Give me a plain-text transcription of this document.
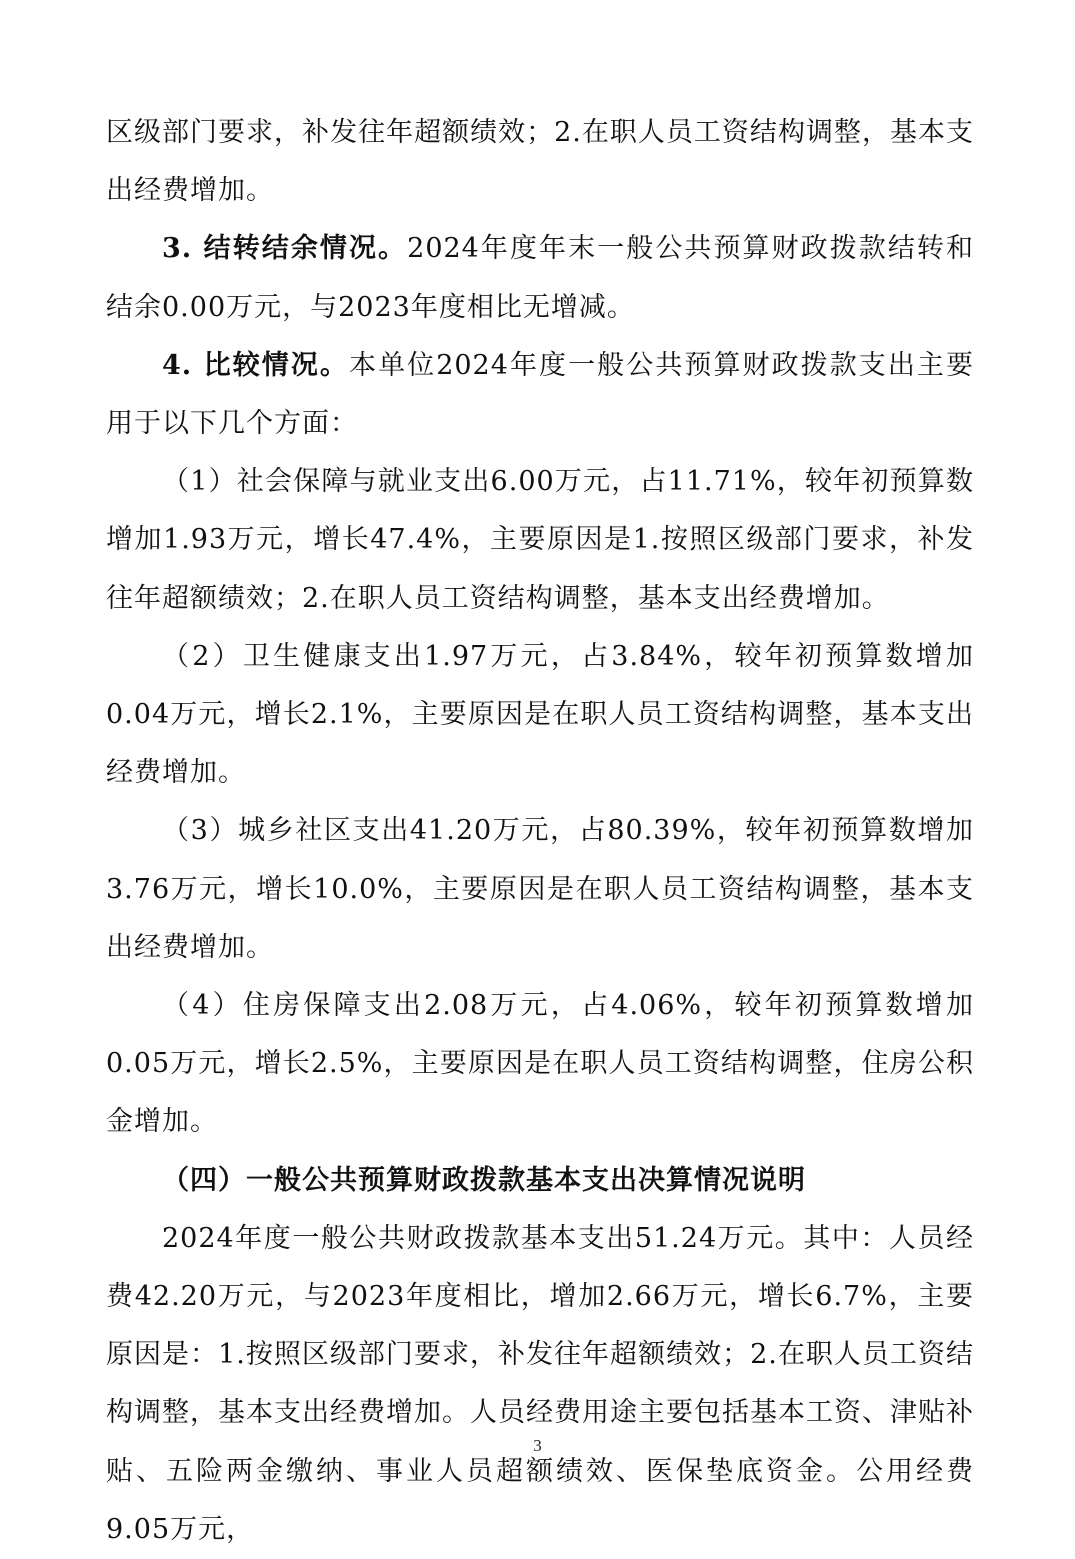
区级部门要求，补发往年超额绩效；2.在职人员工资结构调整，基本支出经费增加。

3. 结转结余情况。2024年度年末一般公共预算财政拨款结转和结余0.00万元，与2023年度相比无增减。

4. 比较情况。本单位2024年度一般公共预算财政拨款支出主要用于以下几个方面：

（1）社会保障与就业支出6.00万元，占11.71%，较年初预算数增加1.93万元，增长47.4%，主要原因是1.按照区级部门要求，补发往年超额绩效；2.在职人员工资结构调整，基本支出经费增加。

（2）卫生健康支出1.97万元，占3.84%，较年初预算数增加0.04万元，增长2.1%，主要原因是在职人员工资结构调整，基本支出经费增加。

（3）城乡社区支出41.20万元，占80.39%，较年初预算数增加3.76万元，增长10.0%，主要原因是在职人员工资结构调整，基本支出经费增加。

（4）住房保障支出2.08万元，占4.06%，较年初预算数增加0.05万元，增长2.5%，主要原因是在职人员工资结构调整，住房公积金增加。

（四）一般公共预算财政拨款基本支出决算情况说明

2024年度一般公共财政拨款基本支出51.24万元。其中：人员经费42.20万元，与2023年度相比，增加2.66万元，增长6.7%，主要原因是：1.按照区级部门要求，补发往年超额绩效；2.在职人员工资结构调整，基本支出经费增加。人员经费用途主要包括基本工资、津贴补贴、五险两金缴纳、事业人员超额绩效、医保垫底资金。公用经费9.05万元，

3
